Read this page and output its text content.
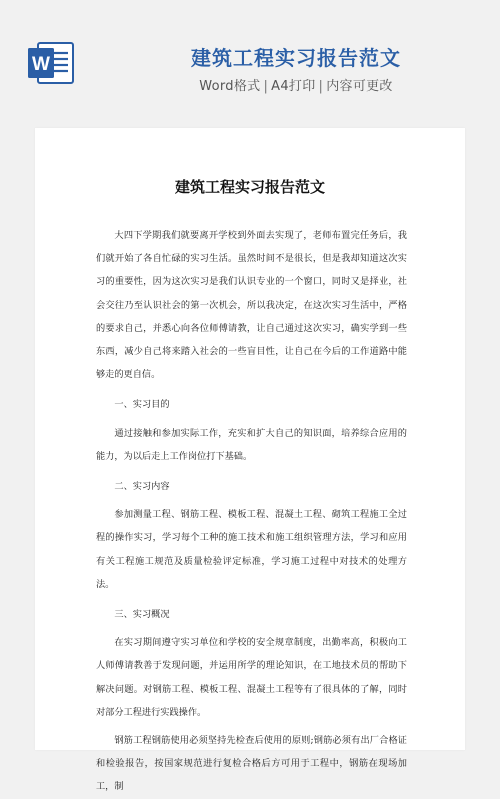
W	建筑工程实习报告范文
Word格式 | A4打印 | 内容可更改
建筑工程实习报告范文

大四下学期我们就要离开学校到外面去实现了，老师布置完任务后，我们就开始了各自忙碌的实习生活。虽然时间不是很长，但是我却知道这次实习的重要性，因为这次实习是我们认识专业的一个窗口，同时又是择业，社会交往乃至认识社会的第一次机会，所以我决定，在这次实习生活中，严格的要求自己，并悉心向各位师傅请教，让自己通过这次实习，确实学到一些东西，减少自己将来踏入社会的一些盲目性，让自己在今后的工作道路中能够走的更自信。

一、实习目的

通过接触和参加实际工作，充实和扩大自己的知识面，培养综合应用的能力，为以后走上工作岗位打下基础。

二、实习内容

参加测量工程、钢筋工程、模板工程、混凝土工程、砌筑工程施工全过程的操作实习，学习每个工种的施工技术和施工组织管理方法，学习和应用有关工程施工规范及质量检验评定标准，学习施工过程中对技术的处理方法。

三、实习概况

在实习期间遵守实习单位和学校的安全规章制度，出勤率高，积极向工人师傅请教善于发现问题，并运用所学的理论知识，在工地技术员的帮助下解决问题。对钢筋工程、模板工程、混凝土工程等有了很具体的了解，同时对部分工程进行实践操作。

钢筋工程钢筋使用必须坚持先检查后使用的原则;钢筋必须有出厂合格证和检验报告，按国家规范进行复检合格后方可用于工程中，钢筋在现场加工，制
